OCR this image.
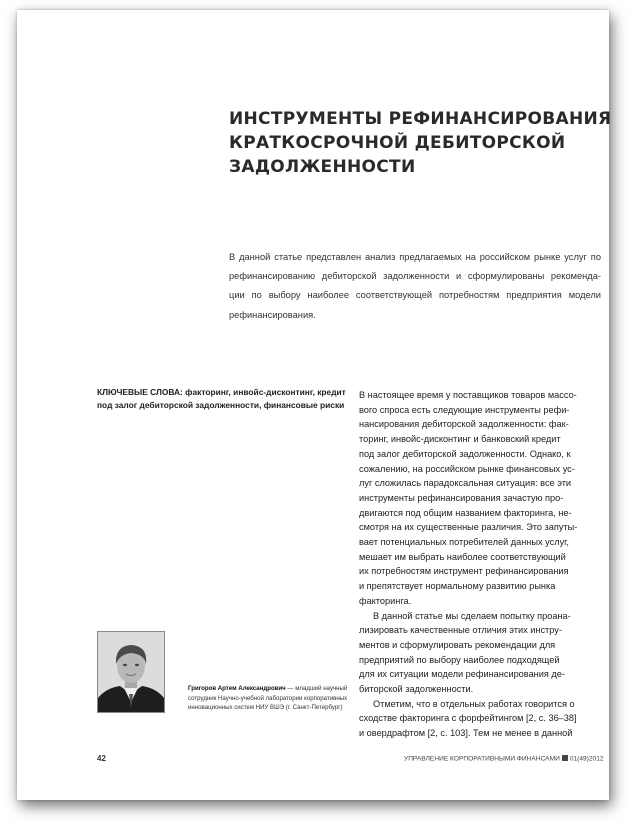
ИНСТРУМЕНТЫ РЕФИНАНСИРОВАНИЯ
КРАТКОСРОЧНОЙ ДЕБИТОРСКОЙ
ЗАДОЛЖЕННОСТИ
В данной статье представлен анализ предлагаемых на российском рынке услуг по
рефинансированию дебиторской задолженности и сформулированы рекоменда-
ции по выбору наиболее соответствующей потребностям предприятия модели
рефинансирования.
КЛЮЧЕВЫЕ СЛОВА: факторинг, инвойс-дисконтинг, кредит
под залог дебиторской задолженности, финансовые риски
В настоящее время у поставщиков товаров массо-
вого спроса есть следующие инструменты рефи-
нансирования дебиторской задолженности: фак-
торинг, инвойс-дисконтинг и банковский кредит
под залог дебиторской задолженности. Однако, к
сожалению, на российском рынке финансовых ус-
луг сложилась парадоксальная ситуация: все эти
инструменты рефинансирования зачастую про-
двигаются под общим названием факторинга, не-
смотря на их существенные различия. Это запуты-
вает потенциальных потребителей данных услуг,
мешает им выбрать наиболее соответствующий
их потребностям инструмент рефинансирования
и препятствует нормальному развитию рынка
факторинга.
В данной статье мы сделаем попытку проана-
лизировать качественные отличия этих инстру-
ментов и сформулировать рекомендации для
предприятий по выбору наиболее подходящей
для их ситуации модели рефинансирования де-
биторской задолженности.
Отметим, что в отдельных работах говорится о
сходстве факторинга с форфейтингом [2, с. 36–38]
и овердрафтом [2, с. 103]. Тем не менее в данной
Григоров Артем Александрович — младший научный
сотрудник Научно-учебной лаборатории корпоративных
инновационных систем НИУ ВШЭ (г. Санкт-Петербург)
42	УПРАВЛЕНИЕ КОРПОРАТИВНЫМИ ФИНАНСАМИ 01(49)2012
